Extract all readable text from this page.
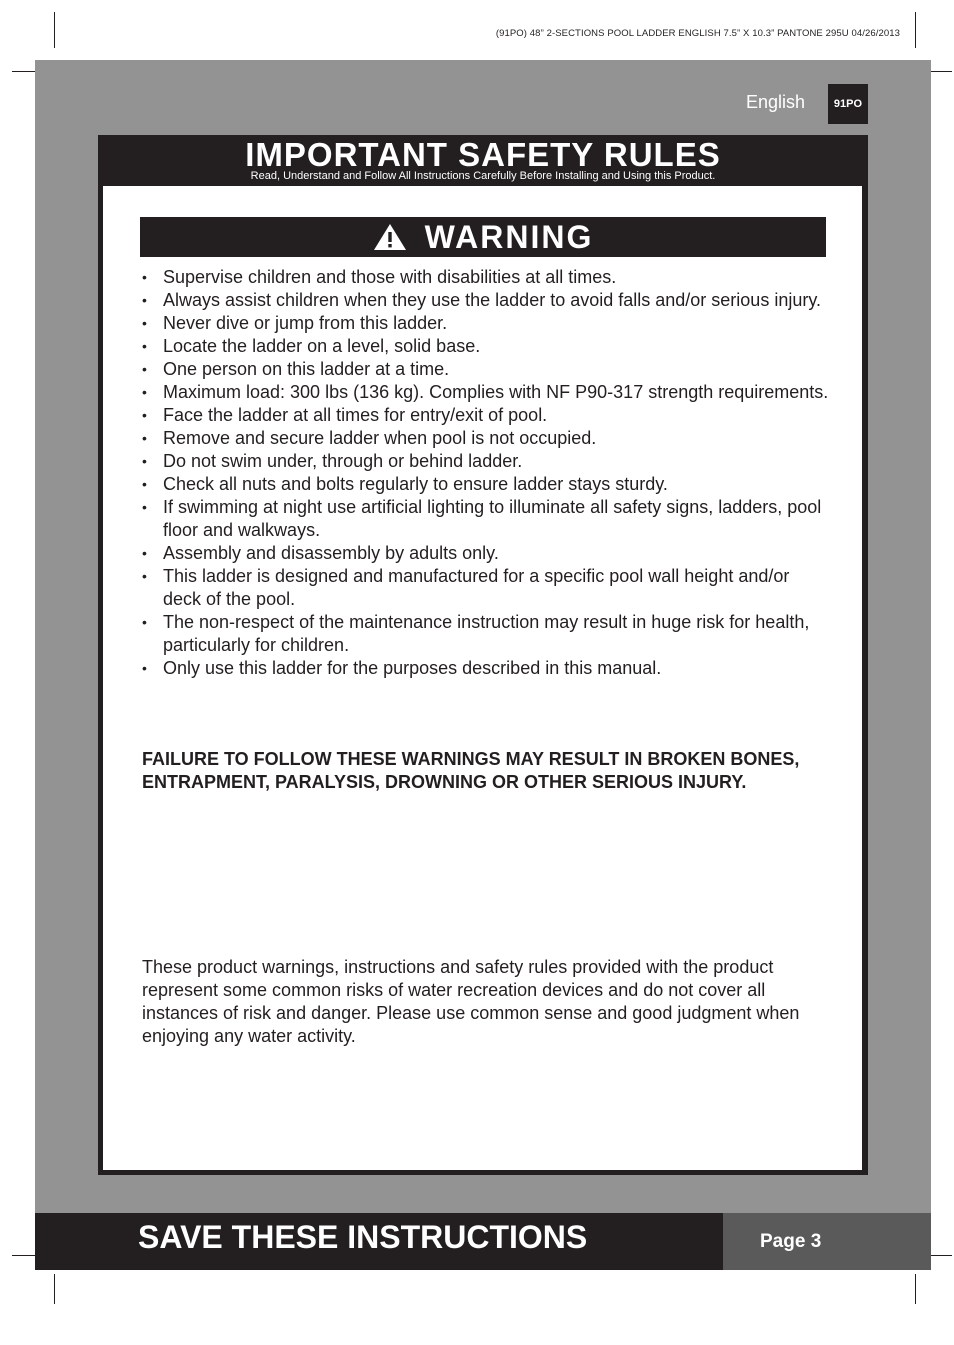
(91PO) 48” 2-SECTIONS POOL LADDER ENGLISH 7.5” X 10.3” PANTONE 295U 04/26/2013
English	91PO
IMPORTANT SAFETY RULES
Read, Understand and Follow All Instructions Carefully Before Installing and Using this Product.
WARNING
• Supervise children and those with disabilities at all times.
• Always assist children when they use the ladder to avoid falls and/or serious injury.
• Never dive or jump from this ladder.
• Locate the ladder on a level, solid base.
• One person on this ladder at a time.
• Maximum load: 300 lbs (136 kg). Complies with NF P90-317 strength requirements.
• Face the ladder at all times for entry/exit of pool.
• Remove and secure ladder when pool is not occupied.
• Do not swim under, through or behind ladder.
• Check all nuts and bolts regularly to ensure ladder stays sturdy.
• If swimming at night use artificial lighting to illuminate all safety signs, ladders, pool floor and walkways.
• Assembly and disassembly by adults only.
• This ladder is designed and manufactured for a specific pool wall height and/or deck of the pool.
• The non-respect of the maintenance instruction may result in huge risk for health, particularly for children.
• Only use this ladder for the purposes described in this manual.

FAILURE TO FOLLOW THESE WARNINGS MAY RESULT IN BROKEN BONES, ENTRAPMENT, PARALYSIS, DROWNING OR OTHER SERIOUS INJURY.

These product warnings, instructions and safety rules provided with the product represent some common risks of water recreation devices and do not cover all instances of risk and danger. Please use common sense and good judgment when enjoying any water activity.

SAVE THESE INSTRUCTIONS	Page 3
